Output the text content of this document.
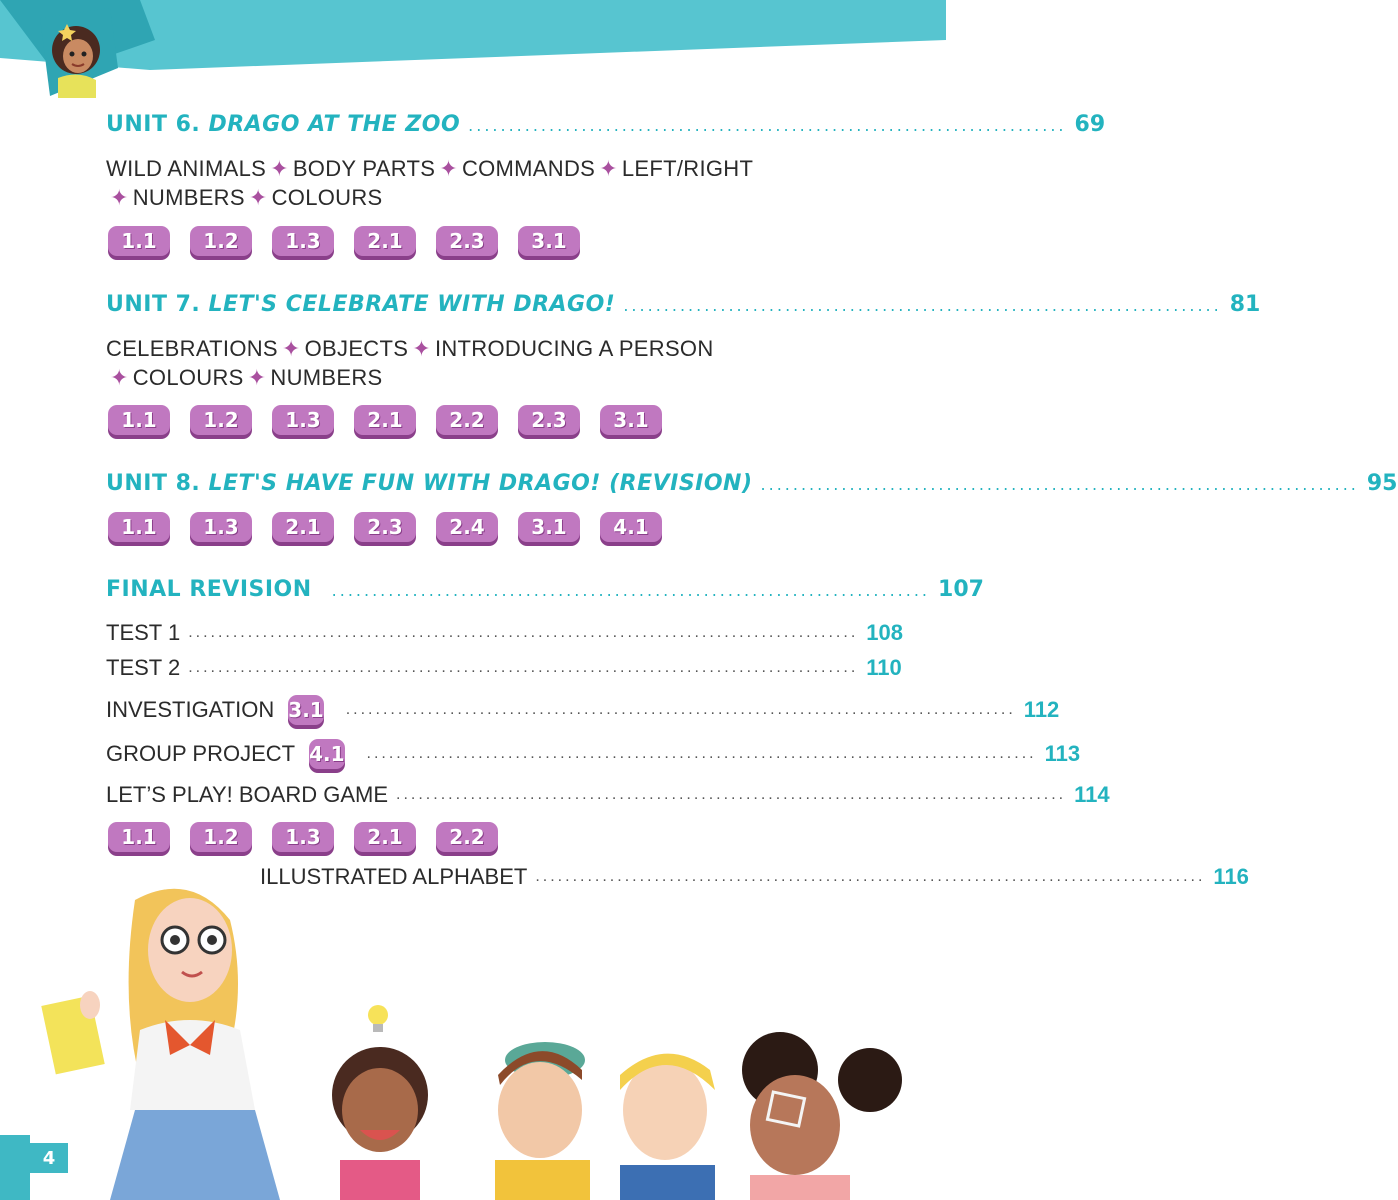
UNIT 6. DRAGO AT THE ZOO .......................................................................... 69
WILD ANIMALS ✦ BODY PARTS ✦ COMMANDS ✦ LEFT/RIGHT
✦ NUMBERS ✦ COLOURS
1.1	1.2	1.3	2.1	2.3	3.1
UNIT 7. LET'S CELEBRATE WITH DRAGO! .......................................................................... 81
CELEBRATIONS ✦ OBJECTS ✦ INTRODUCING A PERSON
✦ COLOURS ✦ NUMBERS
1.1	1.2	1.3	2.1	2.2	2.3	3.1
UNIT 8. LET'S HAVE FUN WITH DRAGO! (REVISION) .......................................................................... 95
1.1	1.3	2.1	2.3	2.4	3.1	4.1
FINAL REVISION .......................................................................... 107
TEST 1 .......................................................................................... 108
TEST 2 .......................................................................................... 110
INVESTIGATION 3.1 .......................................................................................... 112
GROUP PROJECT 4.1 .......................................................................................... 113
LET’S PLAY! BOARD GAME .......................................................................................... 114
1.1	1.2	1.3	2.1	2.2
ILLUSTRATED ALPHABET .......................................................................................... 116
4
